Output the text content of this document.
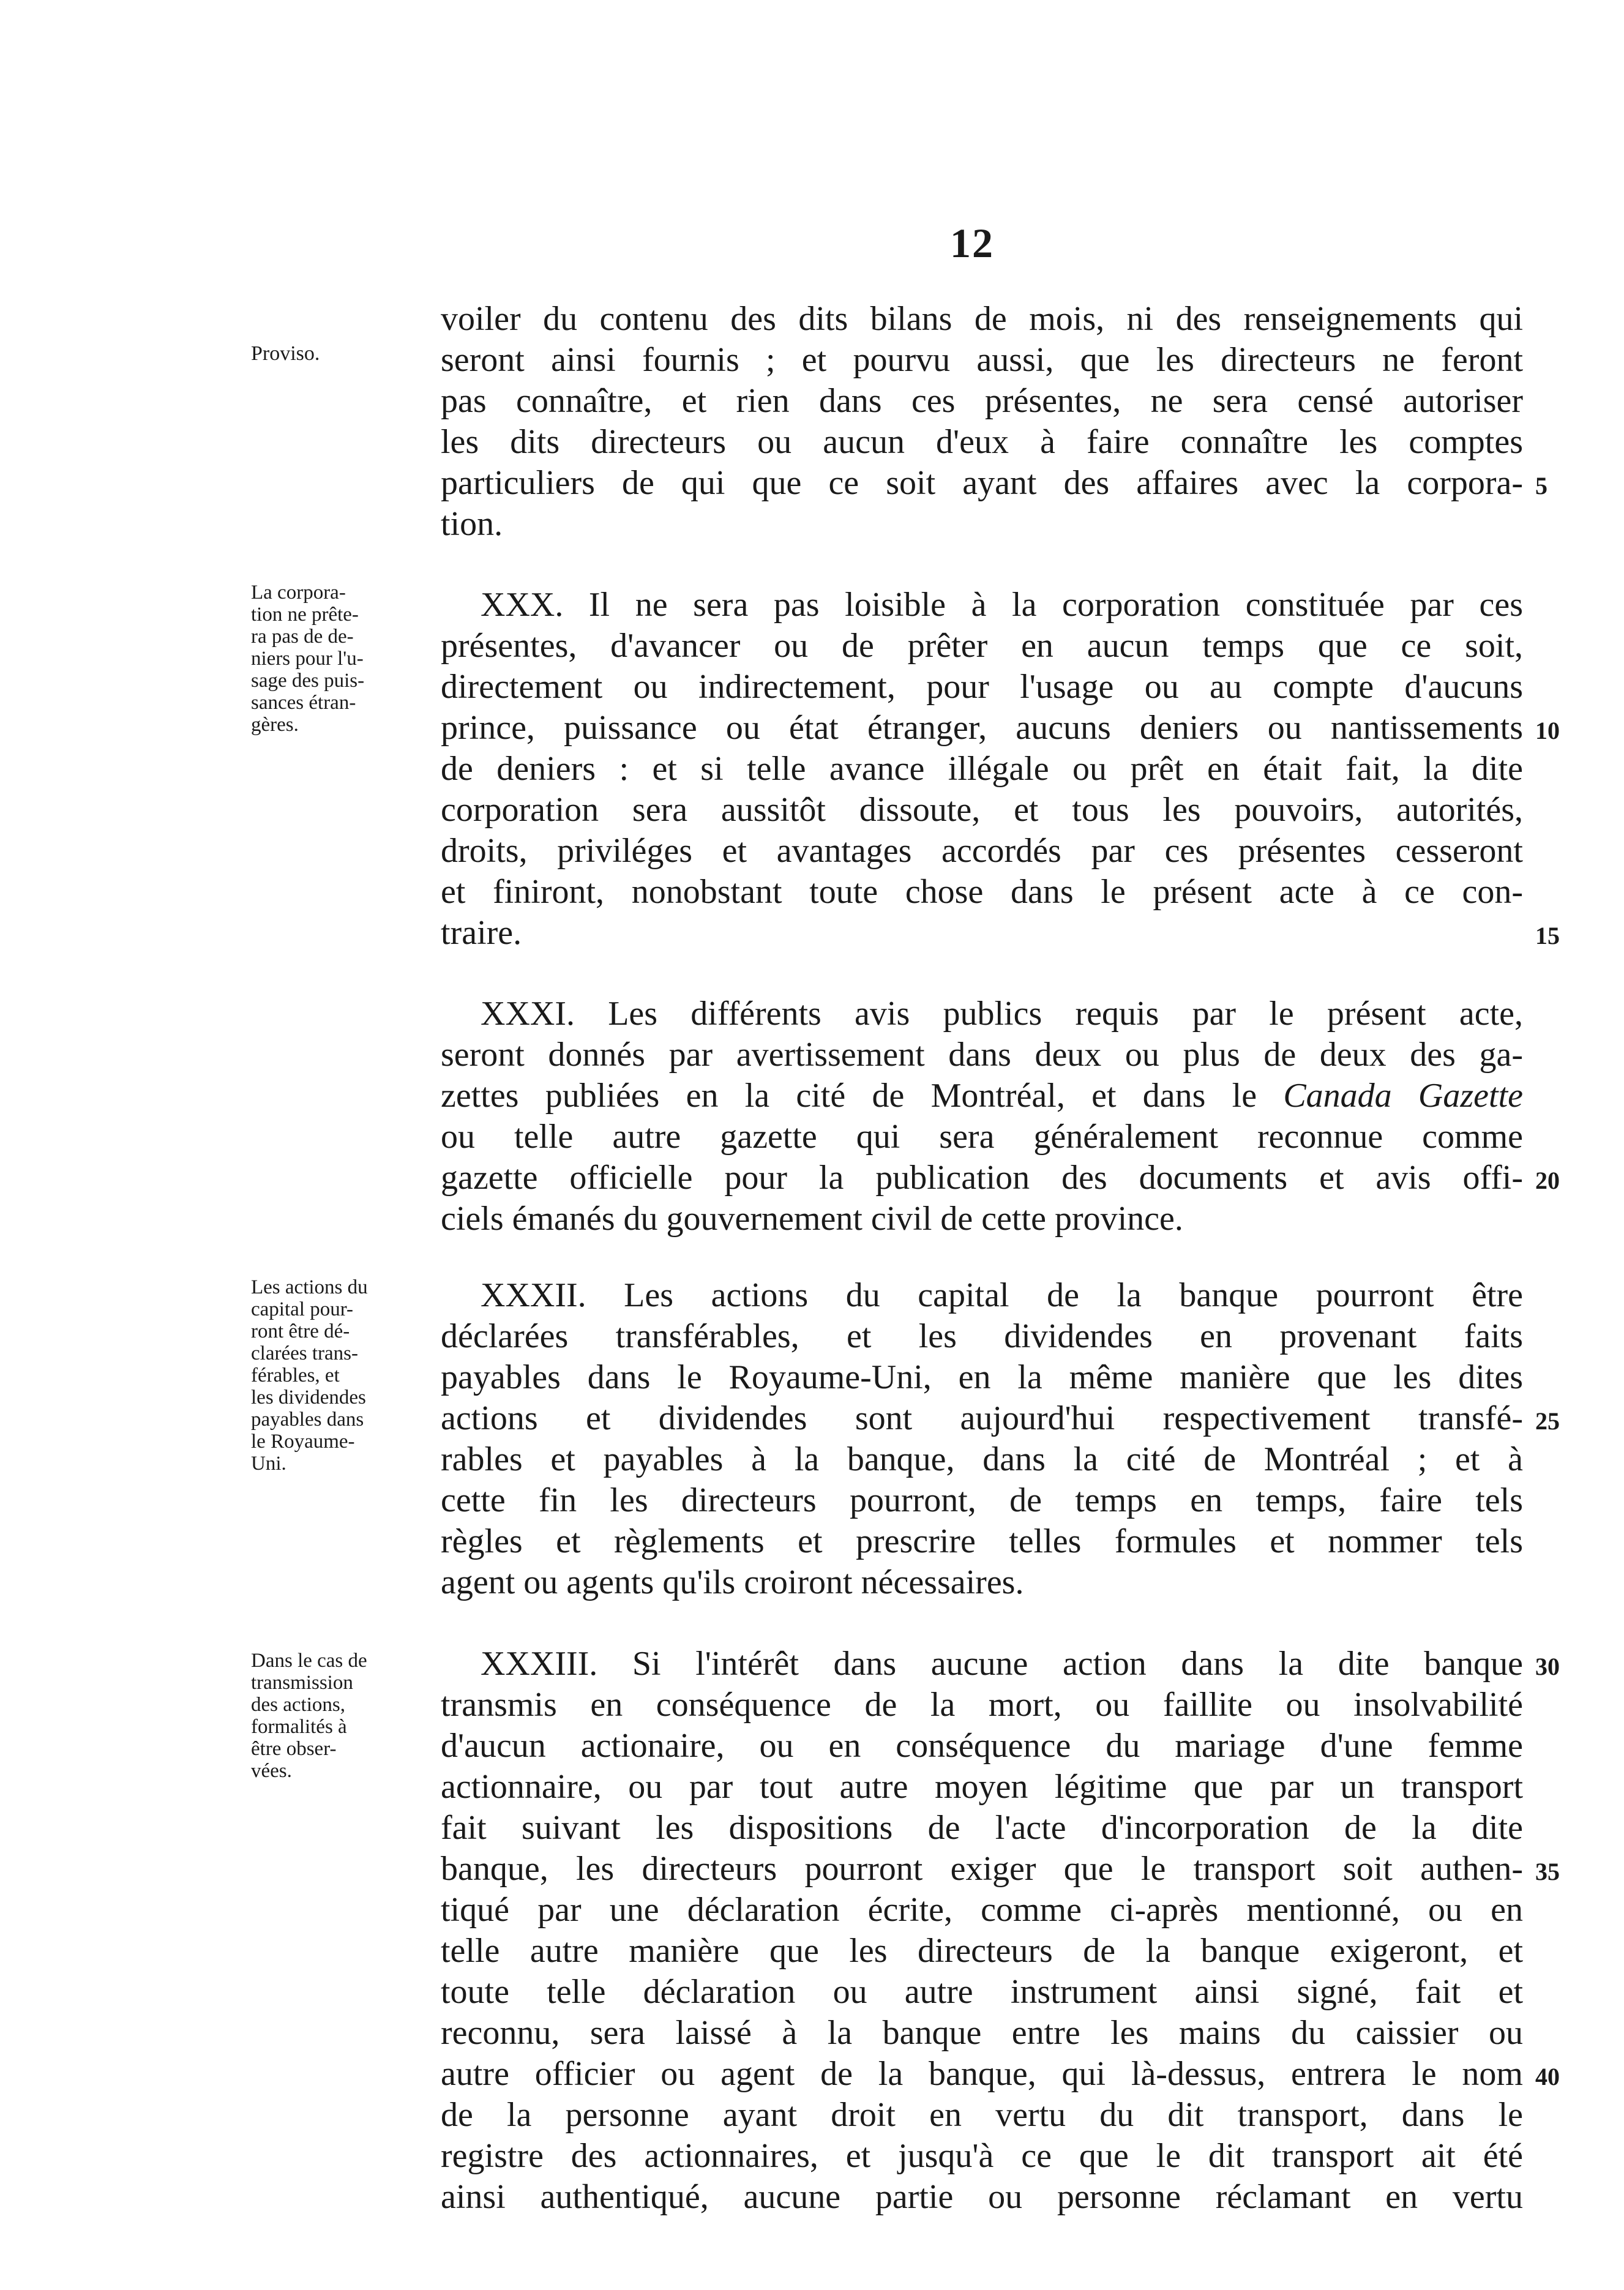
12
Proviso.
La corpora-
tion ne prête-
ra pas de de-
niers pour l'u-
sage des puis-
sances étran-
gères.
Les actions du
capital pour-
ront être dé-
clarées trans-
férables, et
les dividendes
payables dans
le Royaume-
Uni.
Dans le cas de
transmission
des actions,
formalités à
être obser-
vées.
voiler du contenu des dits bilans de mois, ni des renseignements qui
seront ainsi fournis ; et pourvu aussi, que les directeurs ne feront
pas connaître, et rien dans ces présentes, ne sera censé autoriser
les dits directeurs ou aucun d'eux à faire connaître les comptes
particuliers de qui que ce soit ayant des affaires avec la corpora-
tion.
XXX. Il ne sera pas loisible à la corporation constituée par ces
présentes, d'avancer ou de prêter en aucun temps que ce soit,
directement ou indirectement, pour l'usage ou au compte d'aucuns
prince, puissance ou état étranger, aucuns deniers ou nantissements
de deniers : et si telle avance illégale ou prêt en était fait, la dite
corporation sera aussitôt dissoute, et tous les pouvoirs, autorités,
droits, priviléges et avantages accordés par ces présentes cesseront
et finiront, nonobstant toute chose dans le présent acte à ce con-
traire.
XXXI. Les différents avis publics requis par le présent acte,
seront donnés par avertissement dans deux ou plus de deux des ga-
zettes publiées en la cité de Montréal, et dans le Canada Gazette
ou telle autre gazette qui sera généralement reconnue comme
gazette officielle pour la publication des documents et avis offi-
ciels émanés du gouvernement civil de cette province.
XXXII. Les actions du capital de la banque pourront être
déclarées transférables, et les dividendes en provenant faits
payables dans le Royaume-Uni, en la même manière que les dites
actions et dividendes sont aujourd'hui respectivement transfé-
rables et payables à la banque, dans la cité de Montréal ; et à
cette fin les directeurs pourront, de temps en temps, faire tels
règles et règlements et prescrire telles formules et nommer tels
agent ou agents qu'ils croiront nécessaires.
XXXIII. Si l'intérêt dans aucune action dans la dite banque
transmis en conséquence de la mort, ou faillite ou insolvabilité
d'aucun actionaire, ou en conséquence du mariage d'une femme
actionnaire, ou par tout autre moyen légitime que par un transport
fait suivant les dispositions de l'acte d'incorporation de la dite
banque, les directeurs pourront exiger que le transport soit authen-
tiqué par une déclaration écrite, comme ci-après mentionné, ou en
telle autre manière que les directeurs de la banque exigeront, et
toute telle déclaration ou autre instrument ainsi signé, fait et
reconnu, sera laissé à la banque entre les mains du caissier ou
autre officier ou agent de la banque, qui là-dessus, entrera le nom
de la personne ayant droit en vertu du dit transport, dans le
registre des actionnaires, et jusqu'à ce que le dit transport ait été
ainsi authentiqué, aucune partie ou personne réclamant en vertu
5
10
15
20
25
30
35
40
